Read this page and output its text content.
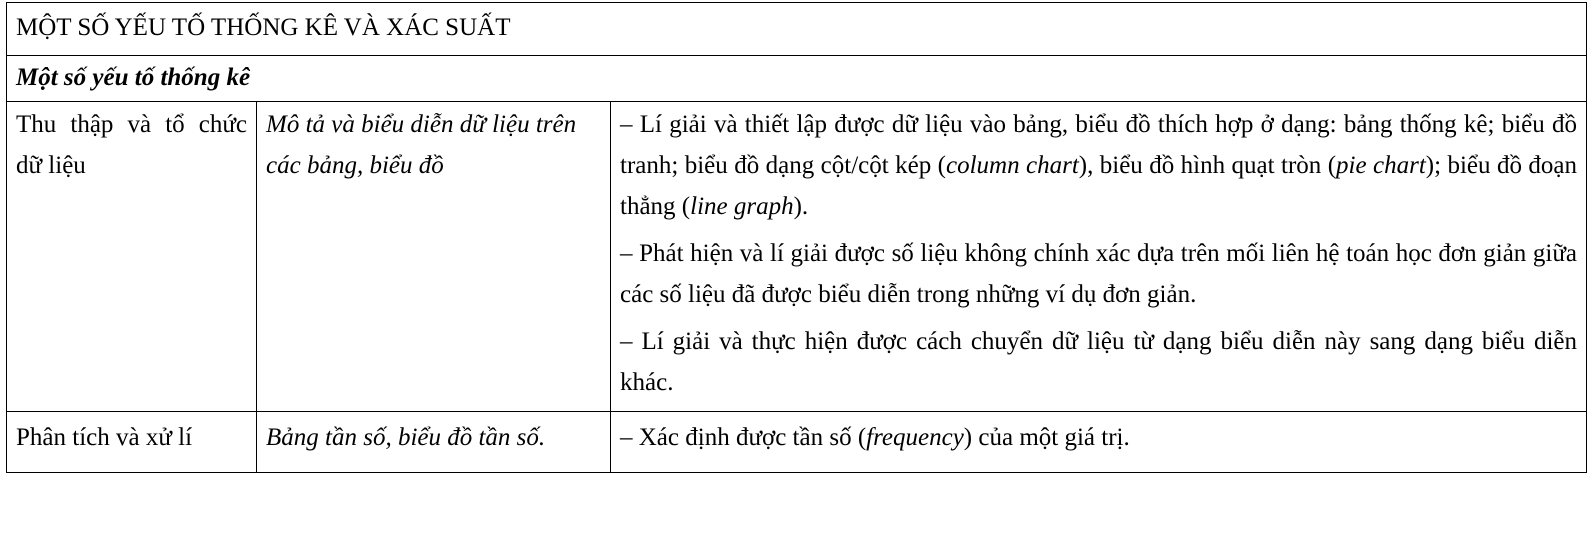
MỘT SỐ YẾU TỐ THỐNG KÊ VÀ XÁC SUẤT		
Một số yếu tố thống kê		
Thu thập và tổ chức dữ liệu	Mô tả và biểu diễn dữ liệu trên các bảng, biểu đồ	– Lí giải và thiết lập được dữ liệu vào bảng, biểu đồ thích hợp ở dạng: bảng thống kê; biểu đồ tranh; biểu đồ dạng cột/cột kép (column chart), biểu đồ hình quạt tròn (pie chart); biểu đồ đoạn thẳng (line graph).

– Phát hiện và lí giải được số liệu không chính xác dựa trên mối liên hệ toán học đơn giản giữa các số liệu đã được biểu diễn trong những ví dụ đơn giản.

– Lí giải và thực hiện được cách chuyển dữ liệu từ dạng biểu diễn này sang dạng biểu diễn khác.

Phân tích và xử lí	Bảng tần số, biểu đồ tần số.	– Xác định được tần số (frequency) của một giá trị.
